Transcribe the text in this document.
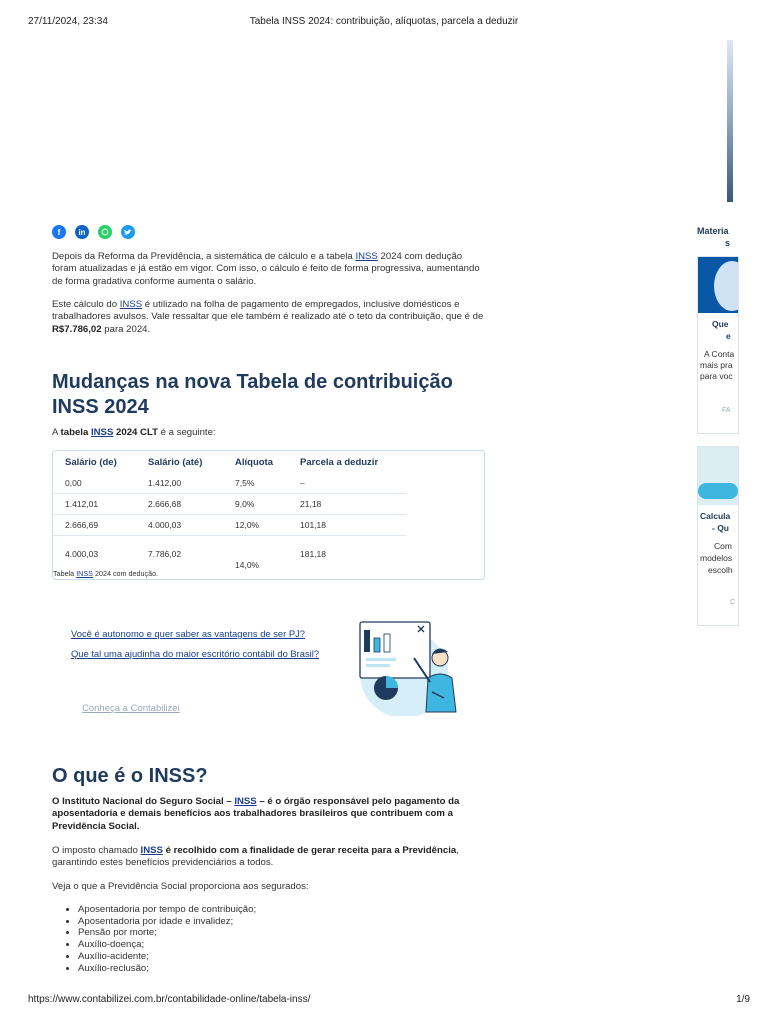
27/11/2024, 23:34	Tabela INSS 2024: contribuição, alíquotas, parcela a deduzir
f	in

Depois da Reforma da Previdência, a sistemática de cálculo e a tabela INSS 2024 com dedução foram atualizadas e já estão em vigor. Com isso, o cálculo é feito de forma progressiva, aumentando de forma gradativa conforme aumenta o salário.

Este cálculo do INSS é utilizado na folha de pagamento de empregados, inclusive domésticos e trabalhadores avulsos. Vale ressaltar que ele também é realizado até o teto da contribuição, que é de R$7.786,02 para 2024.

Mudanças na nova Tabela de contribuição INSS 2024

A tabela INSS 2024 CLT é a seguinte:

Salário (de)	Salário (até)	Alíquota	Parcela a deduzir
0,00	1.412,00	7,5%	–
1.412,01	2.666,68	9,0%	21,18
2.666,69	4.000,03	12,0%	101,18
4.000,03	7.786,02	14,0%	181,18
Tabela INSS 2024 com dedução.
Você é autonomo e quer saber as vantagens de ser PJ?
Que tal uma ajudinha do maior escritório contábil do Brasil?
Conheça a Contabilizei
O que é o INSS?

O Instituto Nacional do Seguro Social – INSS – é o órgão responsável pelo pagamento da aposentadoria e demais benefícios aos trabalhadores brasileiros que contribuem com a Previdência Social.

O imposto chamado INSS é recolhido com a finalidade de gerar receita para a Previdência, garantindo estes benefícios previdenciários a todos.

Veja o que a Previdência Social proporciona aos segurados:

• Aposentadoria por tempo de contribuição;
• Aposentadoria por idade e invalidez;
• Pensão por morte;
• Auxílio-doença;
• Auxílio-acidente;
• Auxílio-reclusão;
Materia
s
Que
e
A Conta
mais pra
para voc
FA
Calcula
- Qu
Com
modelos
escolh
C
https://www.contabilizei.com.br/contabilidade-online/tabela-inss/	1/9
